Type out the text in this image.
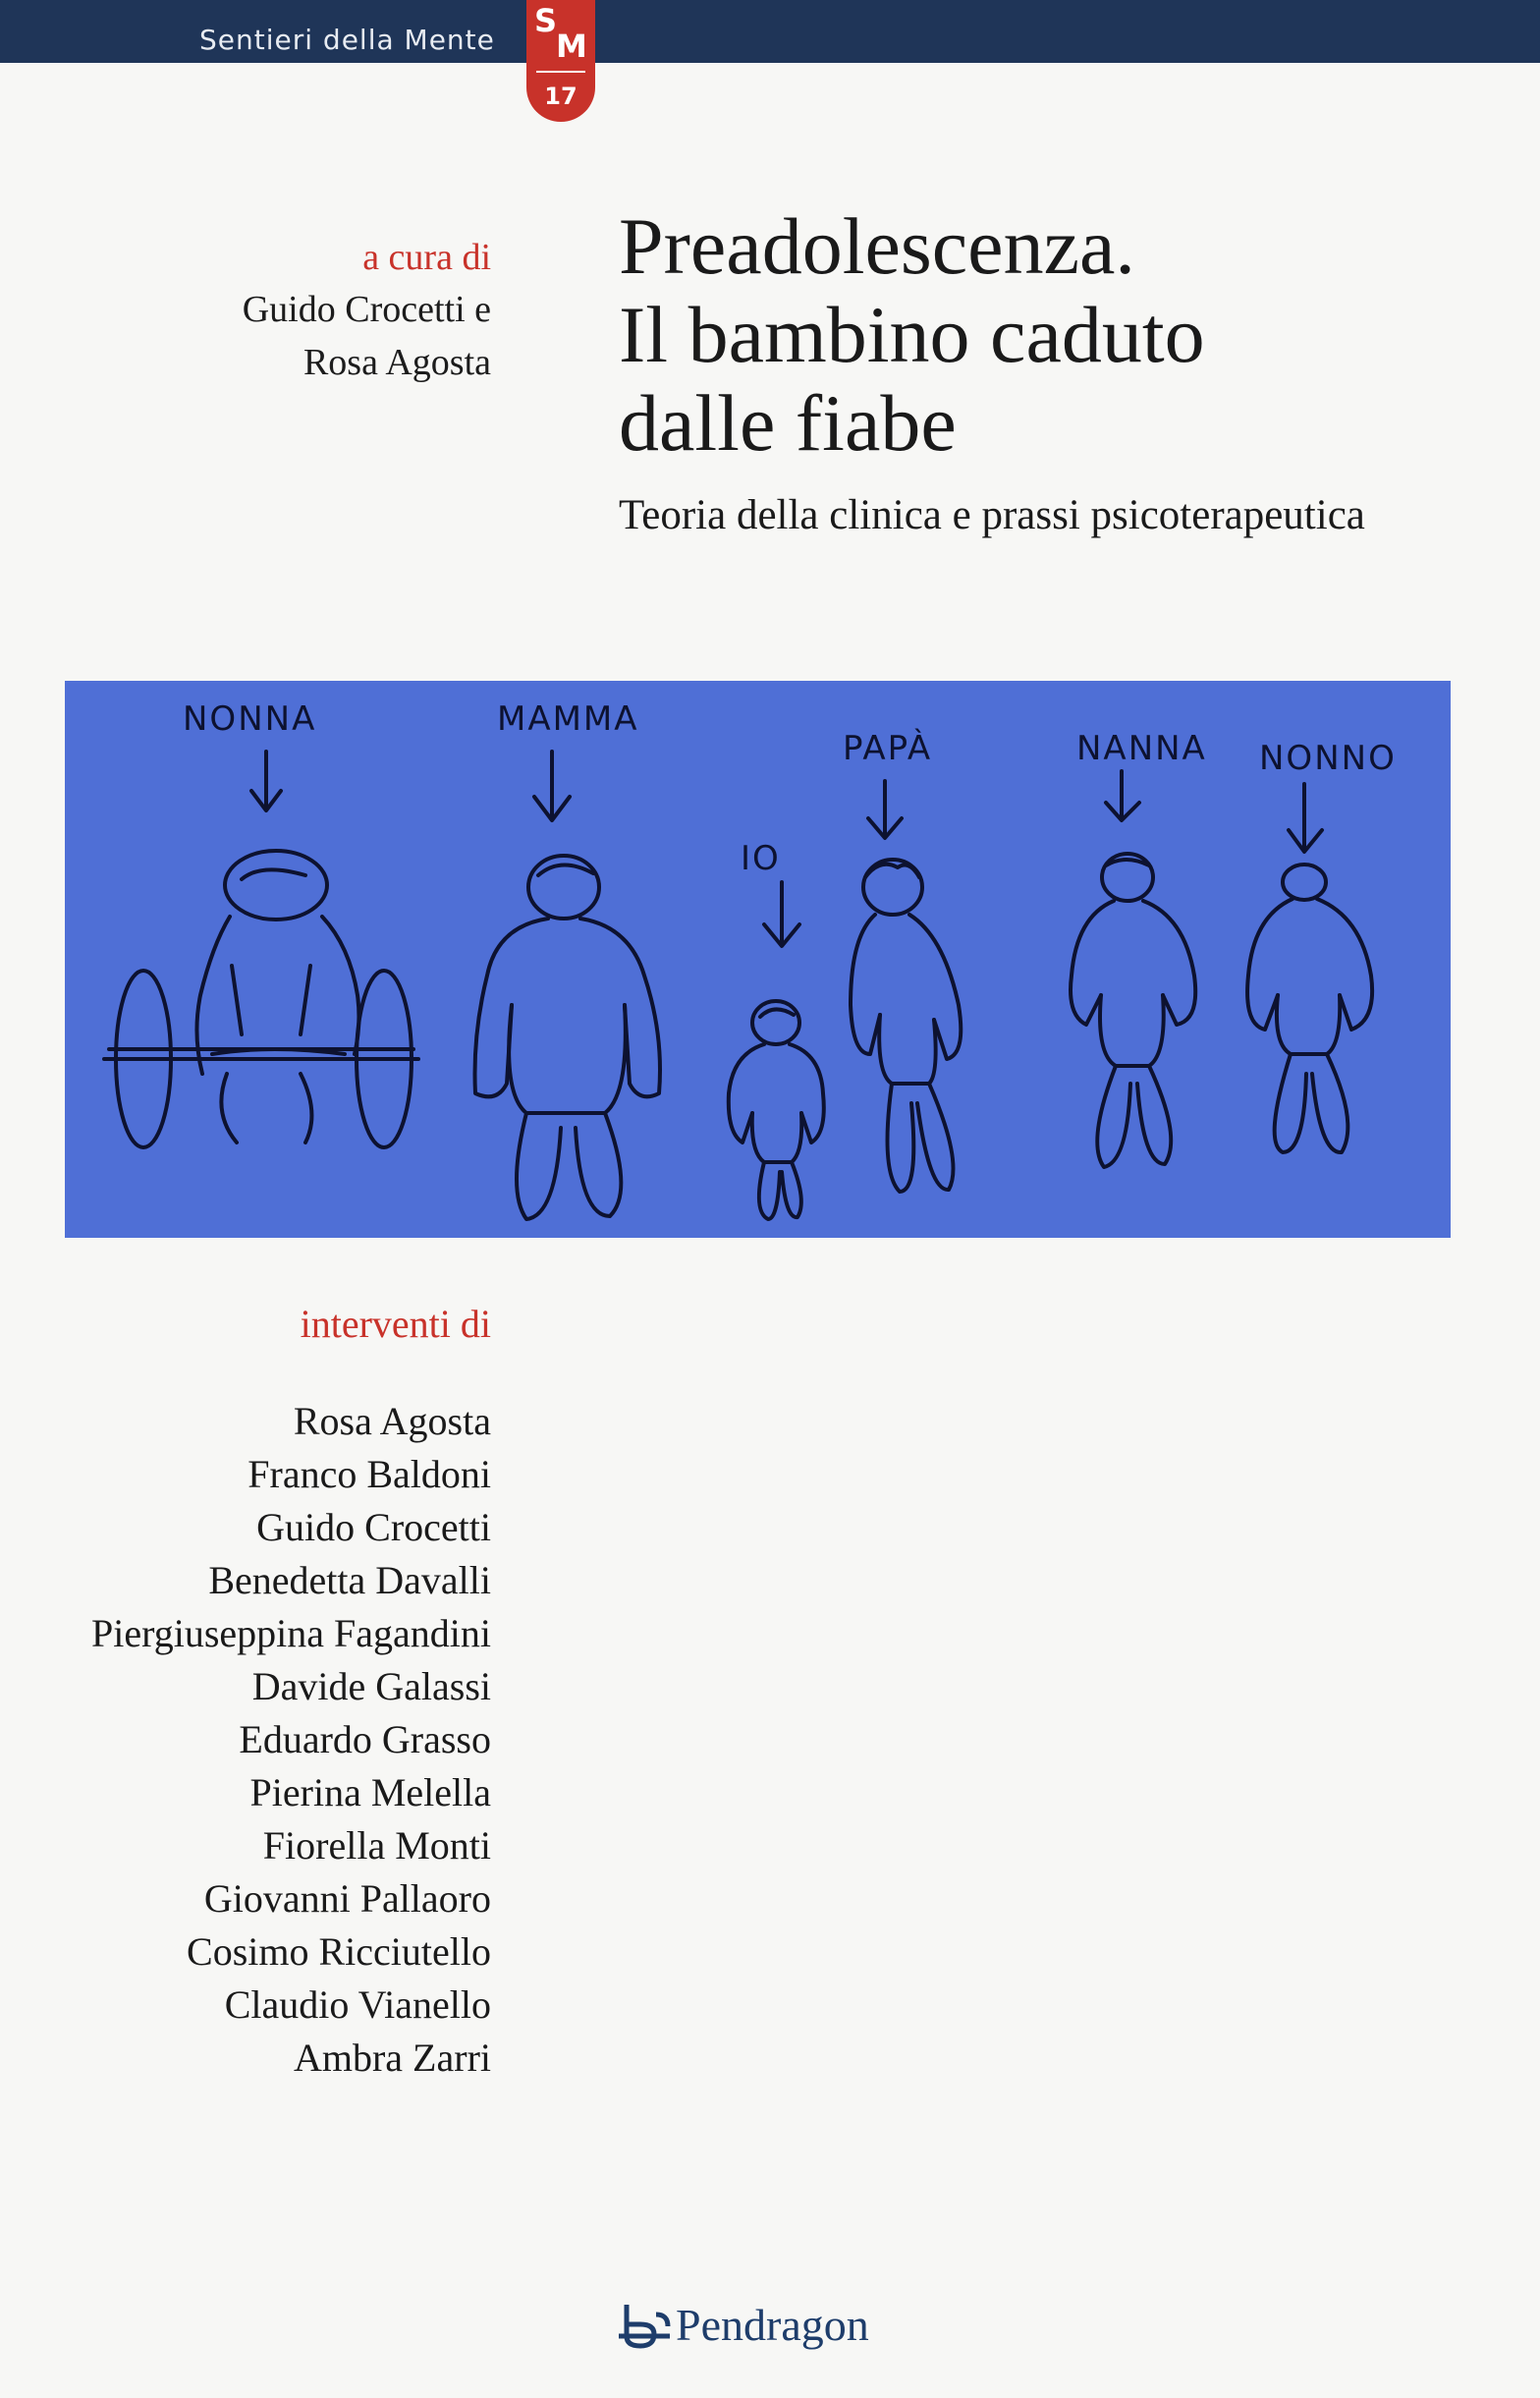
Sentieri della Mente
S
M
17
a cura di
Guido Crocetti e
Rosa Agosta
Preadolescenza.
Il bambino caduto
dalle fiabe
Teoria della clinica e prassi psicoterapeutica
NONNA	MAMMA
IO
PAPÀ	NANNA NONNO
interventi di
Rosa Agosta
Franco Baldoni
Guido Crocetti
Benedetta Davalli
Piergiuseppina Fagandini
Davide Galassi
Eduardo Grasso
Pierina Melella
Fiorella Monti
Giovanni Pallaoro
Cosimo Ricciutello
Claudio Vianello
Ambra Zarri
Pendragon
